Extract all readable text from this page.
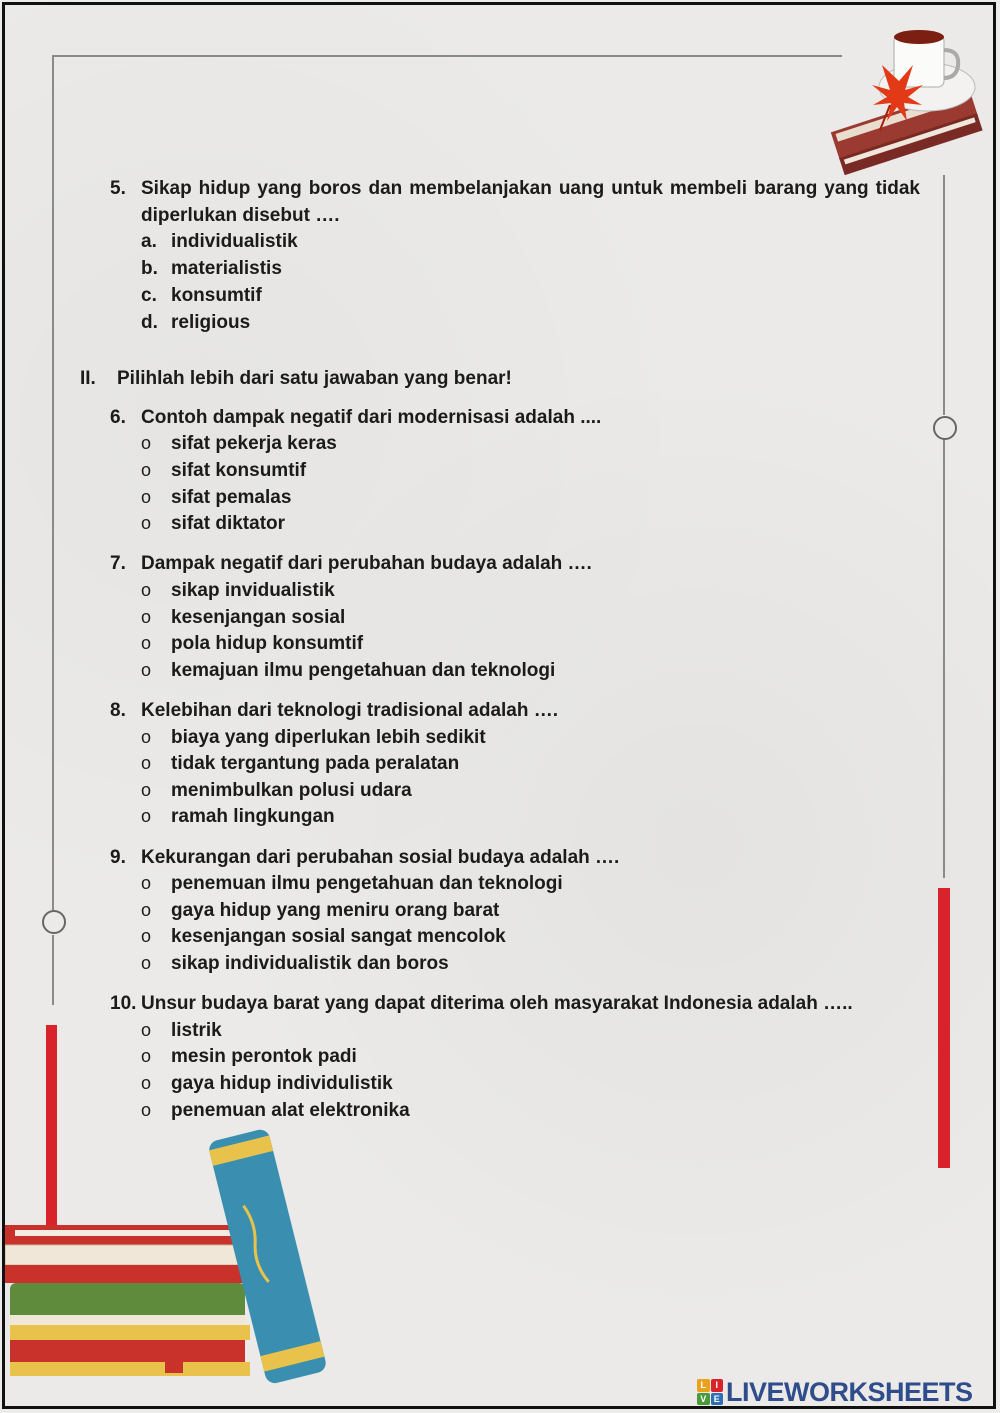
5. Sikap hidup yang boros dan membelanjakan uang untuk membeli barang yang tidak diperlukan disebut ….
a. individualistik
b. materialistis
c. konsumtif
d. religious
II. Pilihlah lebih dari satu jawaban yang benar!
6. Contoh dampak negatif dari modernisasi adalah ....
o sifat pekerja keras
o sifat konsumtif
o sifat pemalas
o sifat diktator
7. Dampak negatif dari perubahan budaya adalah ….
o sikap invidualistik
o kesenjangan sosial
o pola hidup konsumtif
o kemajuan ilmu pengetahuan dan teknologi
8. Kelebihan dari teknologi tradisional adalah ….
o biaya yang diperlukan lebih sedikit
o tidak tergantung pada peralatan
o menimbulkan polusi udara
o ramah lingkungan
9. Kekurangan dari perubahan sosial budaya adalah ….
o penemuan ilmu pengetahuan dan teknologi
o gaya hidup yang meniru orang barat
o kesenjangan sosial sangat mencolok
o sikap individualistik dan boros
10. Unsur budaya barat yang dapat diterima oleh masyarakat Indonesia adalah …..
o listrik
o mesin perontok padi
o gaya hidup individulistik
o penemuan alat elektronika
L	I
V E LIVEWORKSHEETS
